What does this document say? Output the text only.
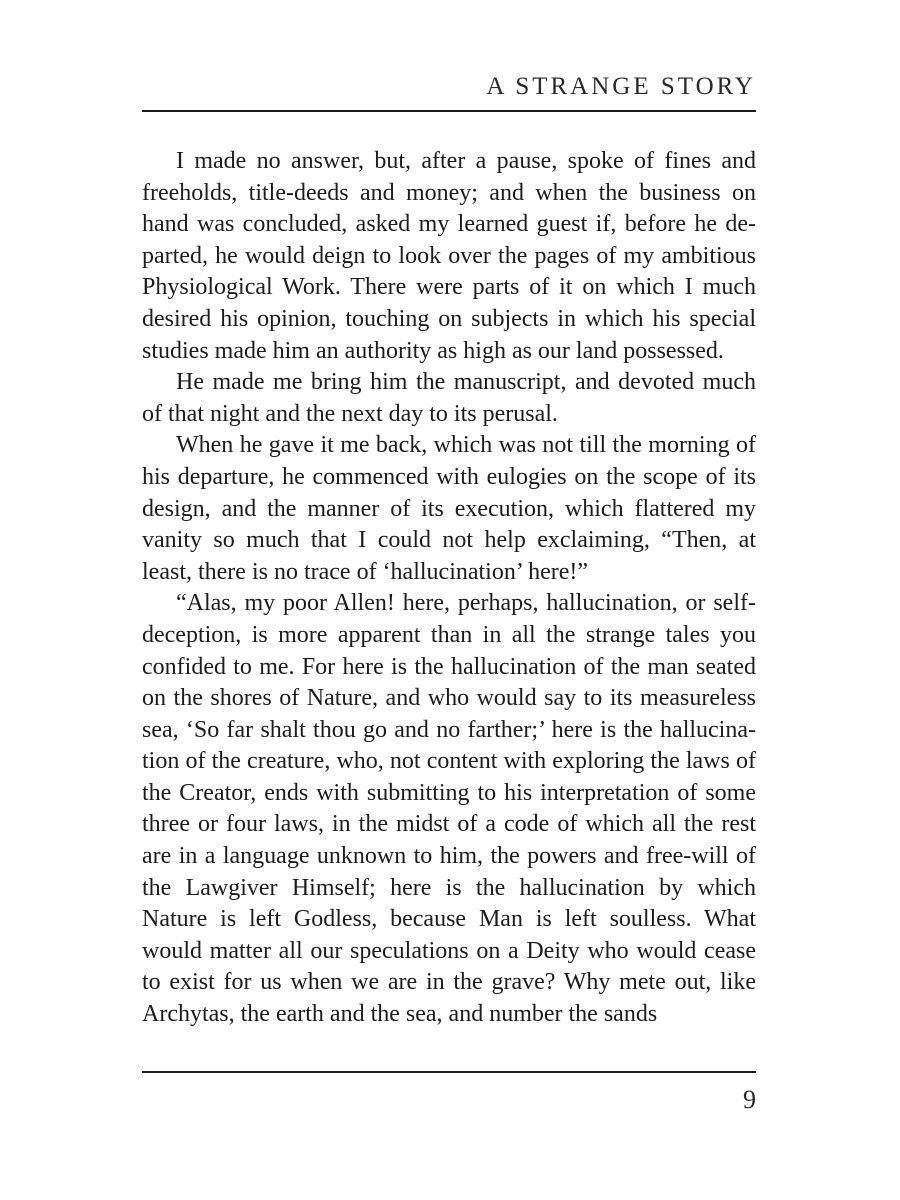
A STRANGE STORY

I made no answer, but, after a pause, spoke of fines and freeholds, title-deeds and money; and when the business on hand was concluded, asked my learned guest if, before he departed, he would deign to look over the pages of my ambitious Physiological Work. There were parts of it on which I much desired his opinion, touching on subjects in which his special studies made him an authority as high as our land possessed.

He made me bring him the manuscript, and devoted much of that night and the next day to its perusal.

When he gave it me back, which was not till the morning of his departure, he commenced with eulogies on the scope of its design, and the manner of its execution, which flattered my vanity so much that I could not help exclaiming, “Then, at least, there is no trace of ‘hallucination’ here!”

“Alas, my poor Allen! here, perhaps, hallucination, or self-deception, is more apparent than in all the strange tales you confided to me. For here is the hallucination of the man seated on the shores of Nature, and who would say to its measureless sea, ‘So far shalt thou go and no farther;’ here is the hallucination of the creature, who, not content with exploring the laws of the Creator, ends with submitting to his interpretation of some three or four laws, in the midst of a code of which all the rest are in a language unknown to him, the powers and free-will of the Lawgiver Himself; here is the hallucination by which Nature is left Godless, because Man is left soulless. What would matter all our speculations on a Deity who would cease to exist for us when we are in the grave? Why mete out, like Archytas, the earth and the sea, and number the sands

9
